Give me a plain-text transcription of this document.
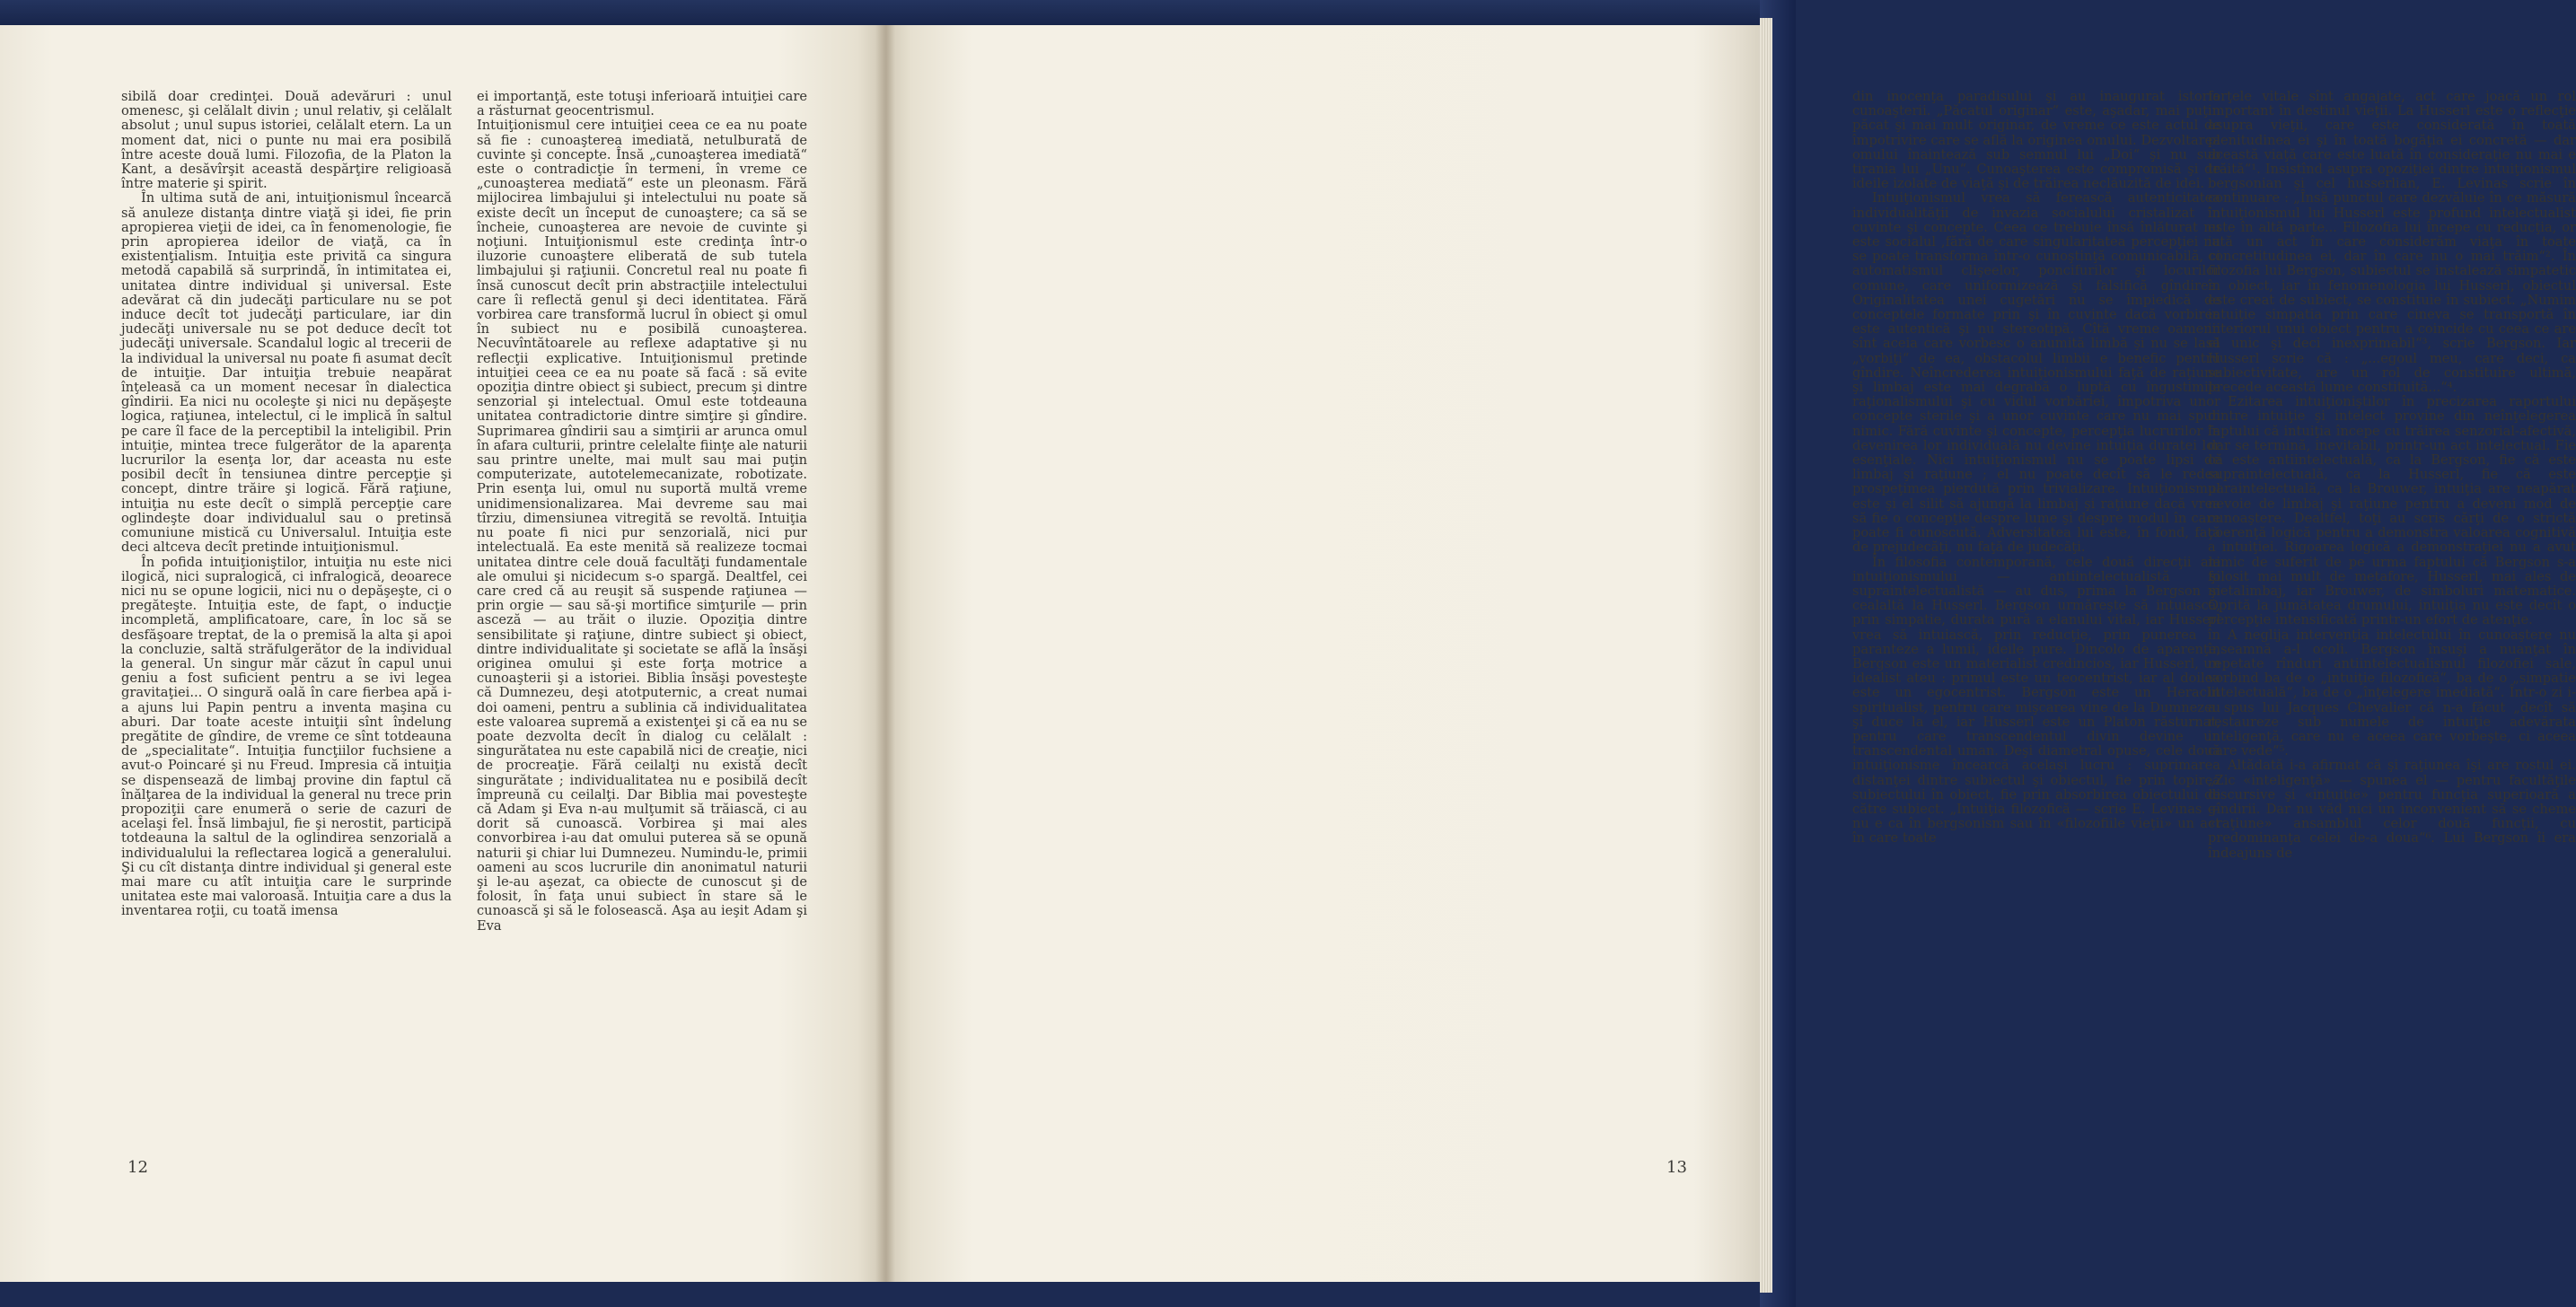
sibilă doar credinţei. Două adevăruri : unul omenesc, şi celălalt divin ; unul relativ, şi celălalt absolut ; unul supus istoriei, celălalt etern. La un moment dat, nici o punte nu mai era posibilă între aceste două lumi. Filozofia, de la Platon la Kant, a desăvîrşit această despărţire religioasă între materie şi spirit.

În ultima sută de ani, intuiţionismul încearcă să anuleze distanţa dintre viaţă şi idei, fie prin apropierea vieţii de idei, ca în fenomenologie, fie prin apropierea ideilor de viaţă, ca în existenţialism. Intuiţia este privită ca singura metodă capabilă să surprindă, în intimitatea ei, unitatea dintre individual şi universal. Este adevărat că din judecăţi particulare nu se pot induce decît tot judecăţi particulare, iar din judecăţi universale nu se pot deduce decît tot judecăţi universale. Scandalul logic al trecerii de la individual la universal nu poate fi asumat decît de intuiţie. Dar intuiţia trebuie neapărat înţeleasă ca un moment necesar în dialectica gîndirii. Ea nici nu ocoleşte şi nici nu depăşeşte logica, raţiunea, intelectul, ci le implică în saltul pe care îl face de la perceptibil la inteligibil. Prin intuiţie, mintea trece fulgerător de la aparenţa lucrurilor la esenţa lor, dar aceasta nu este posibil decît în tensiunea dintre percepţie şi concept, dintre trăire şi logică. Fără raţiune, intuiţia nu este decît o simplă percepţie care oglindeşte doar individualul sau o pretinsă comuniune mistică cu Universalul. Intuiţia este deci altceva decît pretinde intuiţionismul.

În pofida intuiţioniştilor, intuiţia nu este nici ilogică, nici supralogică, ci infralogică, deoarece nici nu se opune logicii, nici nu o depăşeşte, ci o pregăteşte. Intuiţia este, de fapt, o inducţie incompletă, amplificatoare, care, în loc să se desfăşoare treptat, de la o premisă la alta şi apoi la concluzie, saltă străfulgerător de la individual la general. Un singur măr căzut în capul unui geniu a fost suficient pentru a se ivi legea gravitaţiei... O singură oală în care fierbea apă i-a ajuns lui Papin pentru a inventa maşina cu aburi. Dar toate aceste intuiţii sînt îndelung pregătite de gîndire, de vreme ce sînt totdeauna de „specialitate“. Intuiţia funcţiilor fuchsiene a avut-o Poincaré şi nu Freud. Impresia că intuiţia se dispensează de limbaj provine din faptul că înălţarea de la individual la general nu trece prin propoziţii care enumeră o serie de cazuri de acelaşi fel. Însă limbajul, fie şi nerostit, participă totdeauna la saltul de la oglindirea senzorială a individualului la reflectarea logică a generalului. Şi cu cît distanţa dintre individual şi general este mai mare cu atît intuiţia care le surprinde unitatea este mai valoroasă. Intuiţia care a dus la inventarea roţii, cu toată imensa

ei importanţă, este totuşi inferioară intuiţiei care a răsturnat geocentrismul.

Intuiţionismul cere intuiţiei ceea ce ea nu poate să fie : cunoaşterea imediată, netulburată de cuvinte şi concepte. Însă „cunoaşterea imediată“ este o contradicţie în termeni, în vreme ce „cunoaşterea mediată“ este un pleonasm. Fără mijlocirea limbajului şi intelectului nu poate să existe decît un început de cunoaştere; ca să se încheie, cunoaşterea are nevoie de cuvinte şi noţiuni. Intuiţionismul este credinţa într-o iluzorie cunoaştere eliberată de sub tutela limbajului şi raţiunii. Concretul real nu poate fi însă cunoscut decît prin abstracţiile intelectului care îi reflectă genul şi deci identitatea. Fără vorbirea care transformă lucrul în obiect şi omul în subiect nu e posibilă cunoaşterea. Necuvîntătoarele au reflexe adaptative şi nu reflecţii explicative. Intuiţionismul pretinde intuiţiei ceea ce ea nu poate să facă : să evite opoziţia dintre obiect şi subiect, precum şi dintre senzorial şi intelectual. Omul este totdeauna unitatea contradictorie dintre simţire şi gîndire. Suprimarea gîndirii sau a simţirii ar arunca omul în afara culturii, printre celelalte fiinţe ale naturii sau printre unelte, mai mult sau mai puţin computerizate, autotelemecanizate, robotizate. Prin esenţa lui, omul nu suportă multă vreme unidimensionalizarea. Mai devreme sau mai tîrziu, dimensiunea vitregită se revoltă. Intuiţia nu poate fi nici pur senzorială, nici pur intelectuală. Ea este menită să realizeze tocmai unitatea dintre cele două facultăţi fundamentale ale omului şi nicidecum s-o spargă. Dealtfel, cei care cred că au reuşit să suspende raţiunea — prin orgie — sau să-şi mortifice simţurile — prin asceză — au trăit o iluzie. Opoziţia dintre sensibilitate şi raţiune, dintre subiect şi obiect, dintre individualitate şi societate se află la însăşi originea omului şi este forţa motrice a cunoaşterii şi a istoriei. Biblia însăşi povesteşte că Dumnezeu, deşi atotputernic, a creat numai doi oameni, pentru a sublinia că individualitatea este valoarea supremă a existenţei şi că ea nu se poate dezvolta decît în dialog cu celălalt : singurătatea nu este capabilă nici de creaţie, nici de procreaţie. Fără ceilalţi nu există decît singurătate ; individualitatea nu e posibilă decît împreună cu ceilalţi. Dar Biblia mai povesteşte că Adam şi Eva n-au mulţumit să trăiască, ci au dorit să cunoască. Vorbirea şi mai ales convorbirea i-au dat omului puterea să se opună naturii şi chiar lui Dumnezeu. Numindu-le, primii oameni au scos lucrurile din anonimatul naturii şi le-au aşezat, ca obiecte de cunoscut şi de folosit, în faţa unui subiect în stare să le cunoască şi să le folosească. Aşa au ieşit Adam şi Eva

din inocenţa paradisului şi au inaugurat istoria cunoaşterii. „Păcatul originar“ este, aşadar, mai puţin păcat şi mai mult originar, de vreme ce este actul de împotrivire care se află la originea omului. Dezvoltarea omului înaintează sub semnul lui „Doi“ şi nu sub tirania lui „Unu“. Cunoaşterea este compromisă şi de ideile izolate de viaţă şi de trăirea neclăuzită de idei.

Intuiţionismul vrea să ferească autenticitatea individualităţii de invazia socialului cristalizat în cuvinte şi concepte. Ceea ce trebuie însă înlăturat nu este socialul ,fără de care singularitatea percepţiei nu se poate transforma într-o cunoştinţă comunicabilă, ci automatismul clişeelor, poncifurilor şi locurilor comune, care uniformizează şi falsifică gîndirea. Originalitatea unei cugetări nu se împiedică de conceptele formate prin şi în cuvinte dacă vorbirea este autentică şi nu stereotipă. Cîtă vreme oamenii sînt aceia care vorbesc o anumită limbă şi nu se lasă „vorbiţi“ de ea, obstacolul limbii e benefic pentru gîndire. Neîncrederea intuiţionismului faţă de raţiune şi limbaj este mai degrabă o luptă cu îngustimile raţionalismului şi cu vidul vorbăriei, împotriva unor concepte sterile şi a unor cuvinte care nu mai spun nimic. Fără cuvinte şi concepte, percepţia lucrurilor în devenirea lor individuală nu devine intuiţia duratei lor esenţiale. Nici intuiţionismul nu se poate lipsi de limbaj şi raţiune ; el nu poate decît să le redea prospeţimea pierdută prin trivializare. Intuiţionismul este şi el silit să ajungă la limbaj şi raţiune dacă vrea să fie o concepţie despre lume şi despre modul în care poate fi cunoscută. Adversitatea lui este, în fond, faţă de prejudecăţi, nu faţă de judecăţi.

În filosofia contemporană, cele două direcţii ale intuiţionismului — antiintelectualistă şi supraintelectualistă — au dus, prima la Bergson şi cealaltă la Husserl. Bergson urmăreşte să intuiască, prin simpatie, durata pură a elanului vital, iar Husserl vrea să intuiască, prin reducţie, prin punerea în paranteze a lumii, ideile pure. Dincolo de aparenţe, Bergson este un materialist credincios, iar Husserl, un idealist ateu : primul este un teocentrist, iar al doilea este un egocentrist. Bergson este un Heraclit spiritualist, pentru care mişcarea vine de la Dumnezeu şi duce la el, iar Husserl este un Platon răsturnat, pentru care transcendentul divin devine un transcendental uman. Deşi diametral opuse, cele două intuiţionisme încearcă acelaşi lucru : suprimarea distanţei dintre subiectul şi obiectul, fie prin topirea subiectului în obiect, fie prin absorbirea obiectului de către subiect. „Intuiţia filozofică — scrie E. Levinas — nu e ca în bergsonism sau în «filozofiile vieţii» un act în care toate

forţele vitale sînt angajate, act care joacă un rol important în destinul vieţii. La Husserl este o reflecţie asupra vieţii, care este considerată în toată plenitudinea ei şi în toată bogăţia ei concretă — dar această viaţă care este luată în consideraţie nu mai e trăită“¹. Insistînd asupra opoziţiei dintre intuiţionismul bergsonian şi cel husserlian, E. Levinas scrie în continuare : „Însă punctul care dezvăluie în ce măsură intuiţionismul lui Husserl este profund intelectualist este în altă parte... Filozofia lui începe cu reducţia, or iată un act în care considerăm viaţa în toate concretitudinea ei, dar în care nu o mai trăim“². În filozofia lui Bergson, subiectul se instalează simpatetic în obiect, iar în fenomenologia lui Husserl, obiectul este creat de subiect, se constituie în subiect. „Numim intuiţie simpatia prin care cineva se transportă în interiorul unui obiect pentru a coincide cu ceea ce are el unic şi deci inexprimabil“³, scrie Bergson. Iar Husserl scrie că : „...egoul meu, care deci, ca subiectivitate, are un rol de constituire ultimă, precede această lume constituită...“⁴.

Ezitarea intuiţioniştilor în precizarea raportului dintre intuiţie şi intelect provine din neînţelegerea faptului că intuiţia începe cu trăirea senzorial-afectivă, dar se termină, inevitabil, printr-un act intelectual. Fie că este antiintelectuală, ca la Bergson, fie că este supraintelectuală, ca la Husserl, fie că este paraintelectuală, ca la Brouwer, intuiţia are neapărat nevoie de limbaj şi raţiune pentru a deveni mod de cunoaştere. Dealtfel, toţi au scris cărţi de o strictă coerenţă logică pentru a demonstra valoarea cognitivă a intuiţiei. Rigoarea logică a demonstraţiei nu a avut nimic de suferit de pe urma faptului că Bergson s-a folosit mai mult de metafore, Husserl, mai ales de metalimbaj, iar Brouwer, de simboluri matematice. Oprită la jumătatea drumului, intuiţia nu este decît o percepţie intensificată printr-un efort de atenţie.

A neglija intervenţia intelectului în cunoaştere nu înseamnă a-l ocoli. Bergson însuşi a nuanţat în repetate rînduri antiintelectualismul filozofiei sale, vorbind ba de o „intuiţie filozofică“, ba de o „simpatie intelectuală“, ba de o „înţelegere imediată“. Într-o zi i-a spus lui Jacques Chevalier că n-a făcut „decît să restaureze sub numele de intuiţie adevărata inteligenţă, care nu e aceea care vorbeşte, ci aceea care vede“⁵.

Altădată i-a afirmat că şi raţiunea îşi are rostul ei. „Zic «inteligenţă» — spunea el — pentru facultăţile discursive şi «intuiţie» pentru funcţia superioară a gîndirii. Dar nu văd nici un inconvenient să se cheme «raţiune» ansamblul celor două funcţii, cu predominanţa celei de-a doua“⁶. Lui Bergson îi era îndeajuns de

12	13
